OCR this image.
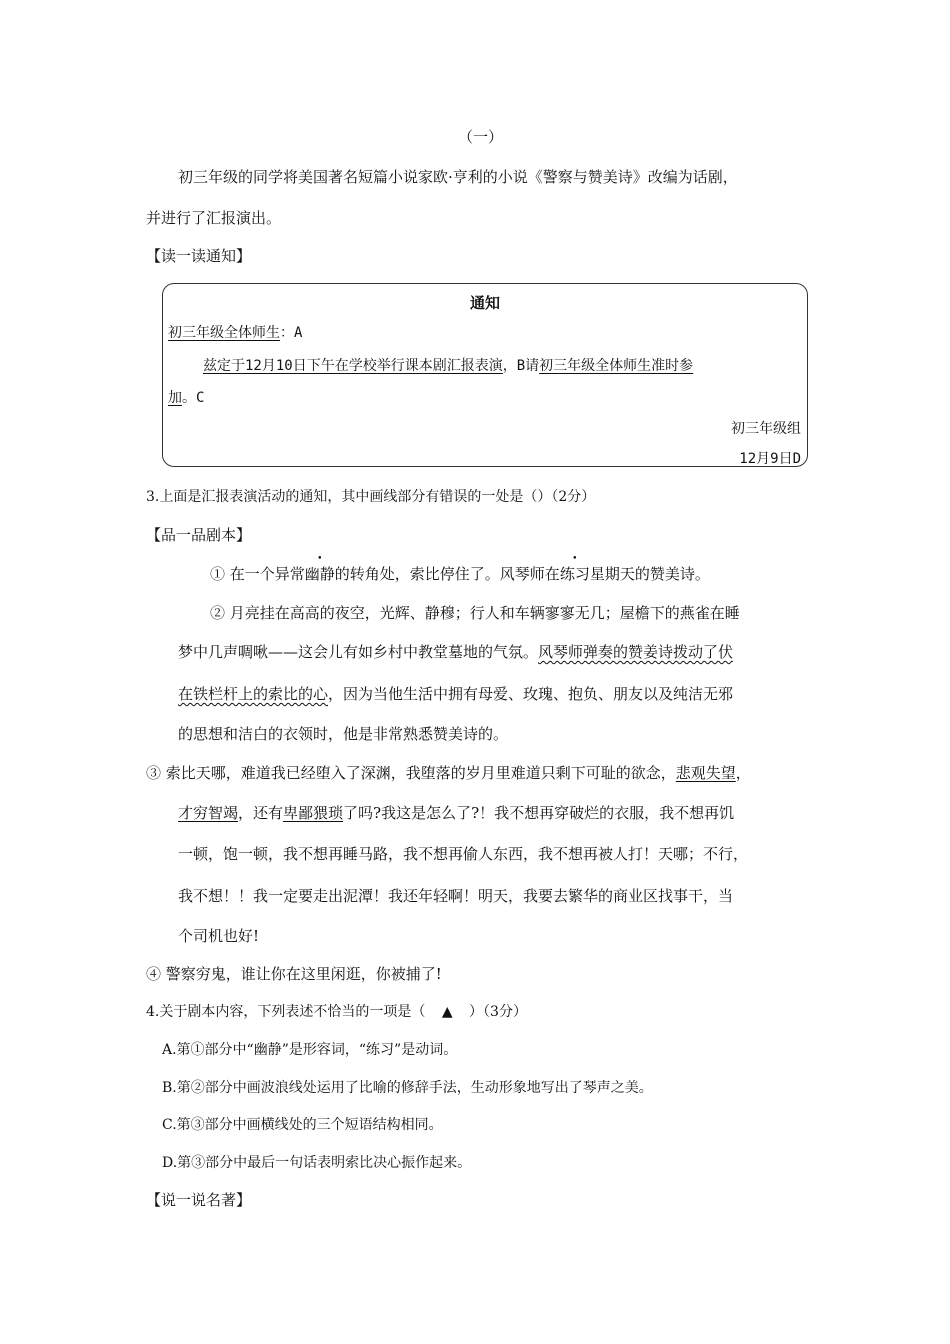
（一）
初三年级的同学将美国著名短篇小说家欧·亨利的小说《警察与赞美诗》改编为话剧，
并进行了汇报演出。
【读一读通知】
通知
初三年级全体师生：A
兹定于12月10日下午在学校举行课本剧汇报表演，B请初三年级全体师生准时参
加。C
初三年级组
12月9日D
3.上面是汇报表演活动的通知，其中画线部分有错误的一处是（）（2分）
【品一品剧本】
① 在一个异常幽静的转角处，索比停住了。风琴师在练习星期天的赞美诗。
② 月亮挂在高高的夜空，光辉、静穆；行人和车辆寥寥无几；屋檐下的燕雀在睡
梦中几声啁啾——这会儿有如乡村中教堂墓地的气氛。风琴师弹奏的赞姜诗拨动了伏
在铁栏杆上的索比的心，因为当他生活中拥有母爱、玫瑰、抱负、朋友以及纯洁无邪
的思想和洁白的衣领时，他是非常熟悉赞美诗的。
③ 索比天哪，难道我已经堕入了深渊，我堕落的岁月里难道只剩下可耻的欲念，悲观失望，
才穷智竭，还有卑鄙猥琐了吗?我这是怎么了?！我不想再穿破烂的衣服，我不想再饥
一顿，饱一顿，我不想再睡马路，我不想再偷人东西，我不想再被人打！天哪；不行，
我不想！！我一定要走出泥潭！我还年轻啊！明天，我要去繁华的商业区找事干，当
个司机也好!
④ 警察穷鬼，谁让你在这里闲逛，你被捕了!
4.关于剧本内容，下列表述不恰当的一项是（ ▲ ）（3分）
A.第①部分中“幽静”是形容词，“练习”是动词。
B.第②部分中画波浪线处运用了比喻的修辞手法，生动形象地写出了琴声之美。
C.第③部分中画横线处的三个短语结构相同。
D.第③部分中最后一句话表明索比决心振作起来。
【说一说名著】
